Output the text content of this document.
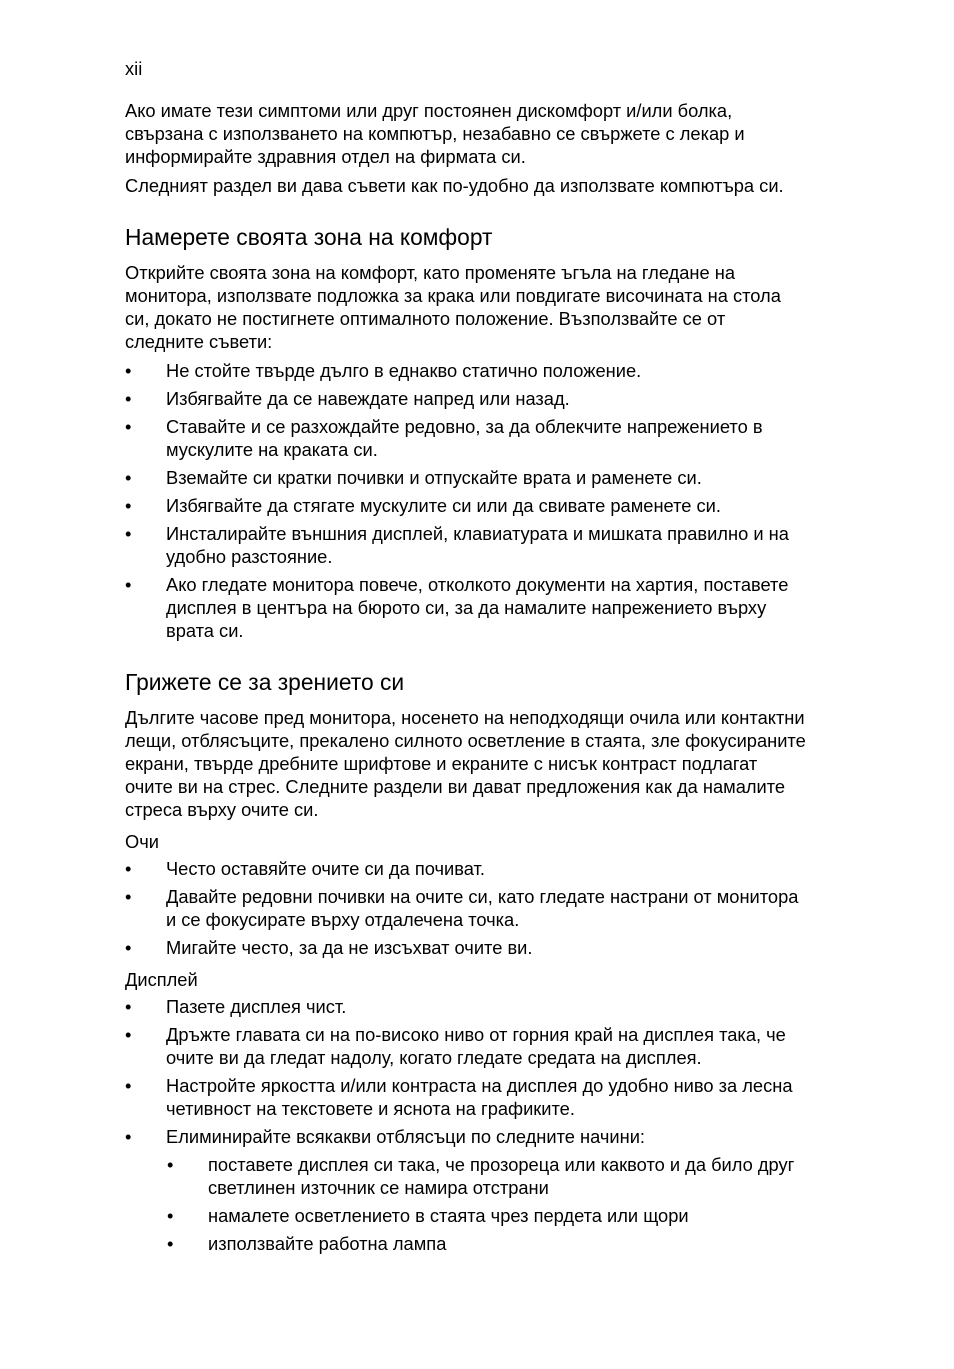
xii

Ако имате тези симптоми или друг постоянен дискомфорт и/или болка,
свързана с използването на компютър, незабавно се свържете с лекар и
информирайте здравния отдел на фирмата си.

Следният раздел ви дава съвети как по-удобно да използвате компютъра си.

Намерете своята зона на комфорт

Открийте своята зона на комфорт, като променяте ъгъла на гледане на
монитора, използвате подложка за крака или повдигате височината на стола
си, докато не постигнете оптималното положение. Възползвайте се от
следните съвети:

• Не стойте твърде дълго в еднакво статично положение.
• Избягвайте да се навеждате напред или назад.
• Ставайте и се разхождайте редовно, за да облекчите напрежението в
мускулите на краката си.
• Вземайте си кратки почивки и отпускайте врата и раменете си.
• Избягвайте да стягате мускулите си или да свивате раменете си.
• Инсталирайте външния дисплей, клавиатурата и мишката правилно и на
удобно разстояние.
• Ако гледате монитора повече, отколкото документи на хартия, поставете
дисплея в центъра на бюрото си, за да намалите напрежението върху
врата си.
Грижете се за зрението си

Дългите часове пред монитора, носенето на неподходящи очила или контактни
лещи, отблясъците, прекалено силното осветление в стаята, зле фокусираните
екрани, твърде дребните шрифтове и екраните с нисък контраст подлагат
очите ви на стрес. Следните раздели ви дават предложения как да намалите
стреса върху очите си.

Очи
• Често оставяйте очите си да почиват.
• Давайте редовни почивки на очите си, като гледате настрани от монитора
и се фокусирате върху отдалечена точка.
• Мигайте често, за да не изсъхват очите ви.
Дисплей
• Пазете дисплея чист.
• Дръжте главата си на по-високо ниво от горния край на дисплея така, че
очите ви да гледат надолу, когато гледате средата на дисплея.
• Настройте яркостта и/или контраста на дисплея до удобно ниво за лесна
четивност на текстовете и яснота на графиките.
• Елиминирайте всякакви отблясъци по следните начини:
• поставете дисплея си така, че прозореца или каквото и да било друг
светлинен източник се намира отстрани
• намалете осветлението в стаята чрез пердета или щори
• използвайте работна лампа
